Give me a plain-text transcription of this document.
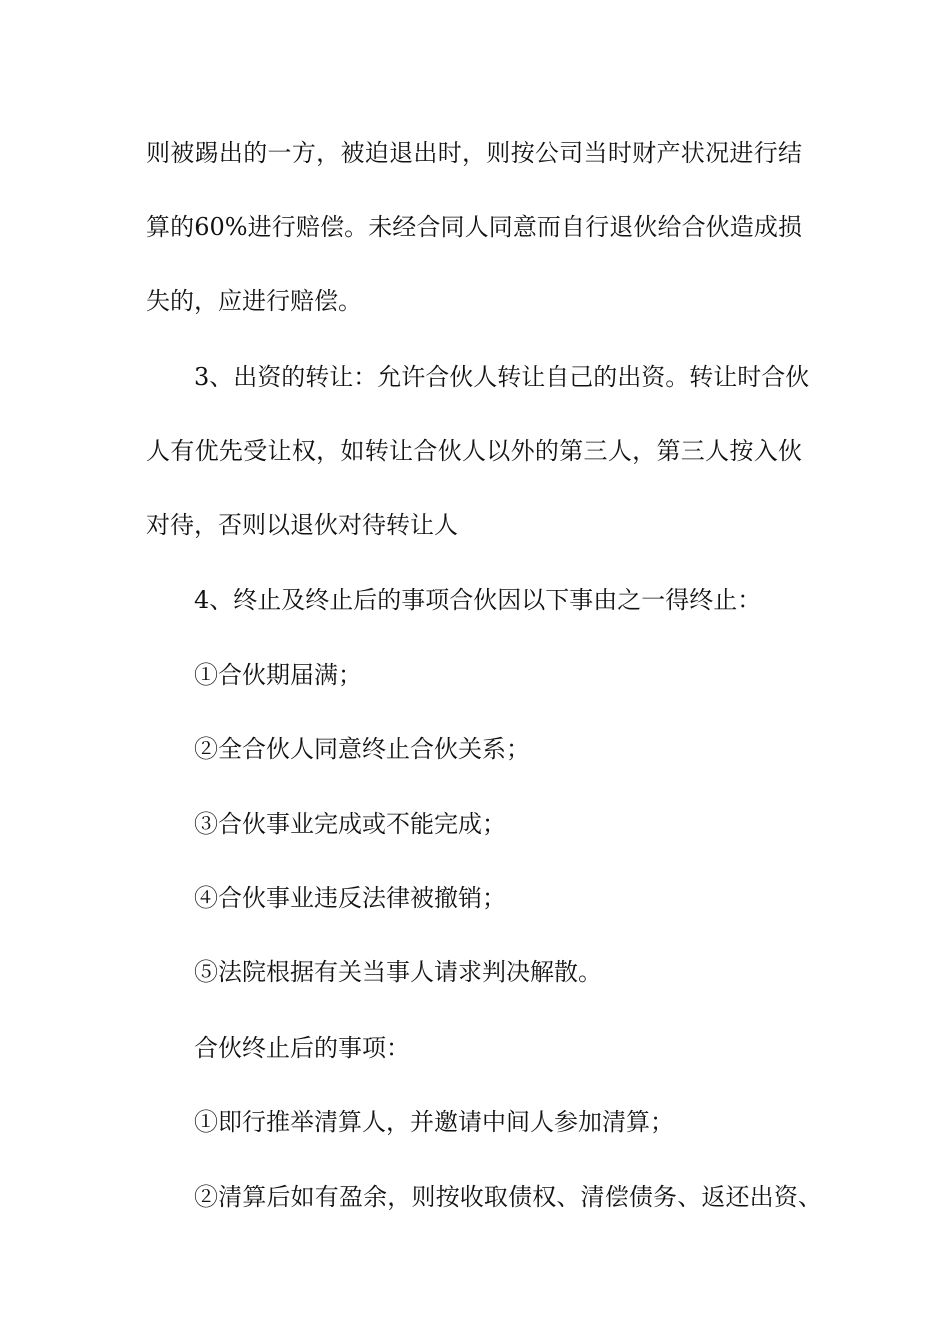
则被踢出的一方，被迫退出时，则按公司当时财产状况进行结
算的60%进行赔偿。未经合同人同意而自行退伙给合伙造成损
失的，应进行赔偿。
3、出资的转让：允许合伙人转让自己的出资。转让时合伙
人有优先受让权，如转让合伙人以外的第三人，第三人按入伙
对待，否则以退伙对待转让人
4、终止及终止后的事项合伙因以下事由之一得终止：
①合伙期届满；
②全合伙人同意终止合伙关系；
③合伙事业完成或不能完成；
④合伙事业违反法律被撤销；
⑤法院根据有关当事人请求判决解散。
合伙终止后的事项：
①即行推举清算人，并邀请中间人参加清算；
②清算后如有盈余，则按收取债权、清偿债务、返还出资、
